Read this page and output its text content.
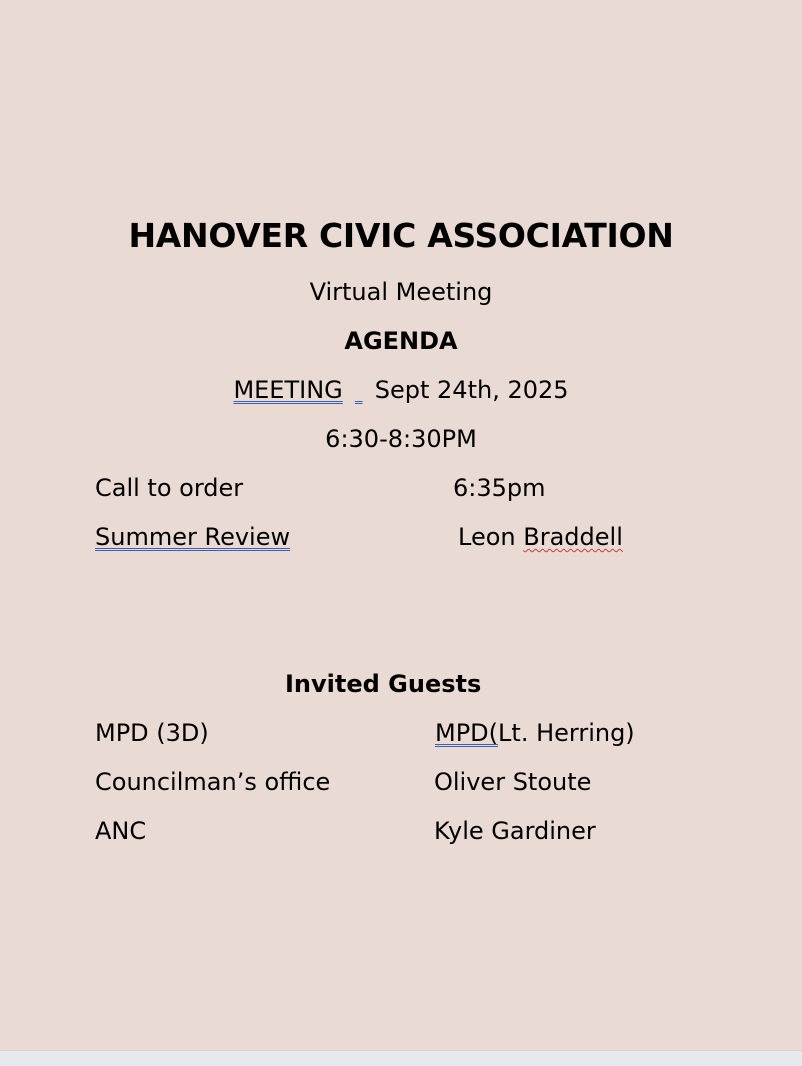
HANOVER CIVIC ASSOCIATION
Virtual Meeting
AGENDA
MEETING Sept 24th, 2025
6:30-8:30PM
Call to order	6:35pm
Summer Review	Leon Braddell
Invited Guests
MPD (3D)	MPD(Lt. Herring)
Councilman’s office	Oliver Stoute
ANC	Kyle Gardiner
